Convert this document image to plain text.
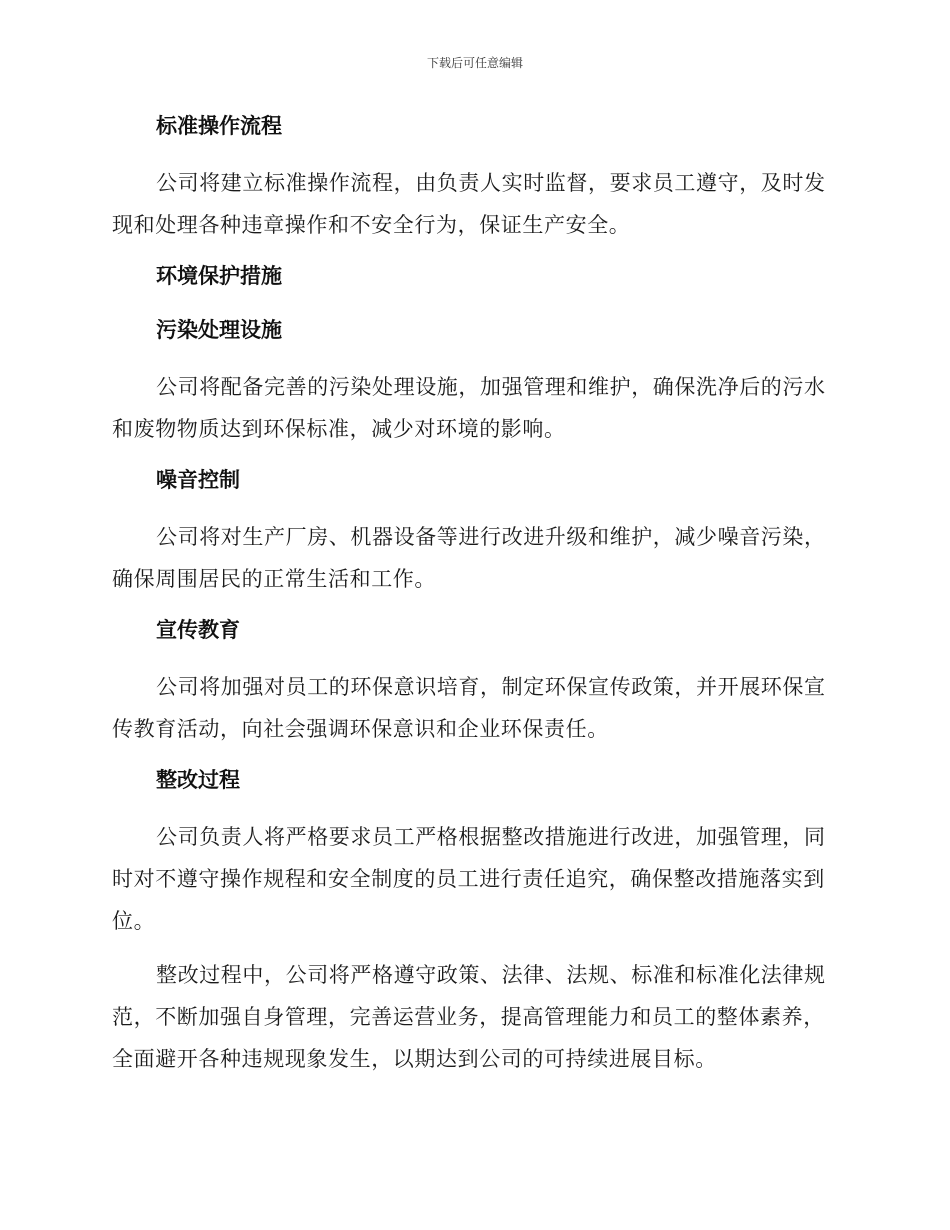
下载后可任意编辑
标准操作流程

公司将建立标准操作流程，由负责人实时监督，要求员工遵守，及时发现和处理各种违章操作和不安全行为，保证生产安全。

环境保护措施
污染处理设施

公司将配备完善的污染处理设施，加强管理和维护，确保洗净后的污水和废物物质达到环保标准，减少对环境的影响。

噪音控制

公司将对生产厂房、机器设备等进行改进升级和维护，减少噪音污染，确保周围居民的正常生活和工作。

宣传教育

公司将加强对员工的环保意识培育，制定环保宣传政策，并开展环保宣传教育活动，向社会强调环保意识和企业环保责任。

整改过程

公司负责人将严格要求员工严格根据整改措施进行改进，加强管理，同时对不遵守操作规程和安全制度的员工进行责任追究，确保整改措施落实到位。

整改过程中，公司将严格遵守政策、法律、法规、标准和标准化法律规范，不断加强自身管理，完善运营业务，提高管理能力和员工的整体素养，全面避开各种违规现象发生，以期达到公司的可持续进展目标。
